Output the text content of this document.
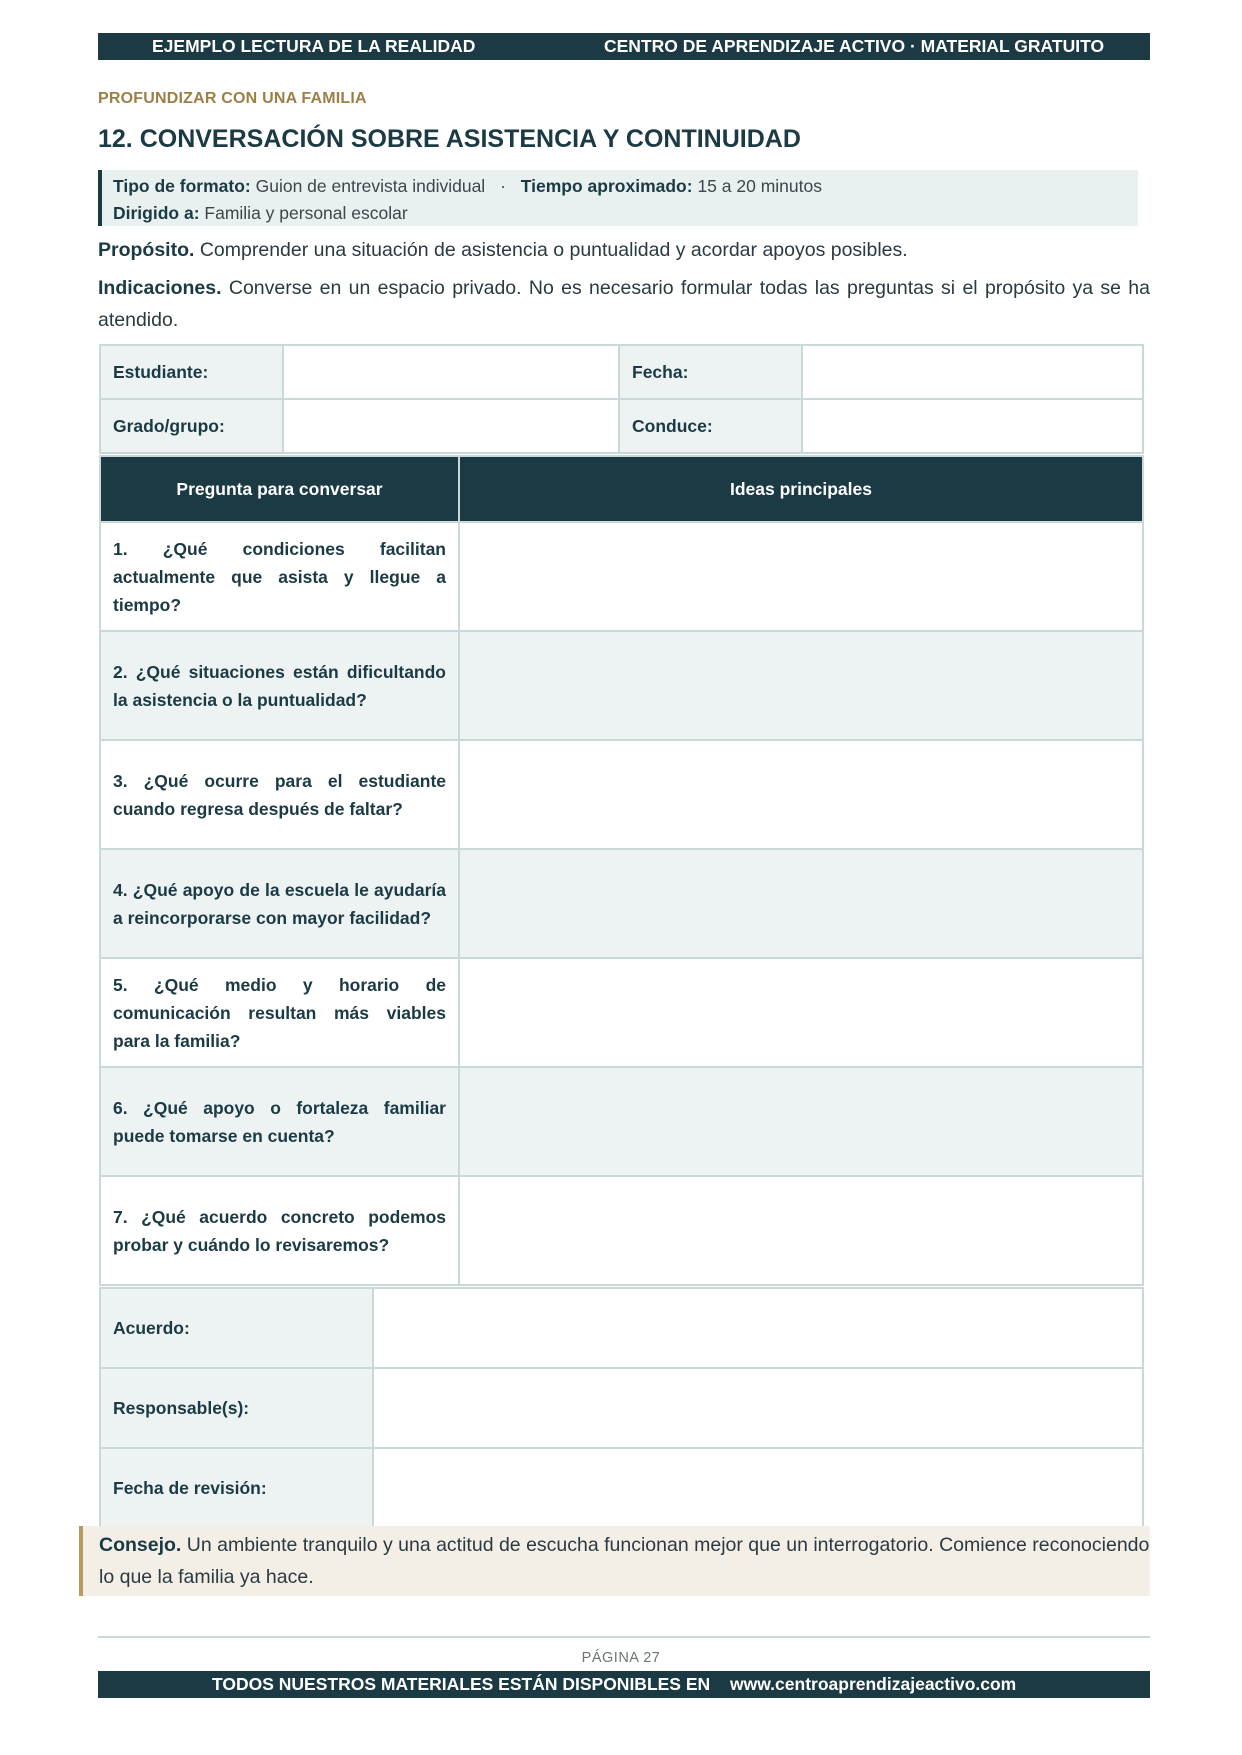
EJEMPLO LECTURA DE LA REALIDAD	CENTRO DE APRENDIZAJE ACTIVO · MATERIAL GRATUITO
PROFUNDIZAR CON UNA FAMILIA
12. CONVERSACIÓN SOBRE ASISTENCIA Y CONTINUIDAD
Tipo de formato: Guion de entrevista individual · Tiempo aproximado: 15 a 20 minutos
Dirigido a: Familia y personal escolar
Propósito. Comprender una situación de asistencia o puntualidad y acordar apoyos posibles.
Indicaciones. Converse en un espacio privado. No es necesario formular todas las preguntas si el propósito ya se ha atendido.
Estudiante:		Fecha:	
Grado/grupo:		Conduce:	
Pregunta para conversar	Ideas principales
1. ¿Qué condiciones facilitan actualmente que asista y llegue a tiempo?	
2. ¿Qué situaciones están dificultando la asistencia o la puntualidad?	
3. ¿Qué ocurre para el estudiante cuando regresa después de faltar?	
4. ¿Qué apoyo de la escuela le ayudaría a reincorporarse con mayor facilidad?	
5. ¿Qué medio y horario de comunicación resultan más viables para la familia?	
6. ¿Qué apoyo o fortaleza familiar puede tomarse en cuenta?	
7. ¿Qué acuerdo concreto podemos probar y cuándo lo revisaremos?	
Acuerdo:	
Responsable(s):	
Fecha de revisión:	
Consejo. Un ambiente tranquilo y una actitud de escucha funcionan mejor que un interrogatorio. Comience reconociendo lo que la familia ya hace.
PÁGINA 27
TODOS NUESTROS MATERIALES ESTÁN DISPONIBLES EN www.centroaprendizajeactivo.com
